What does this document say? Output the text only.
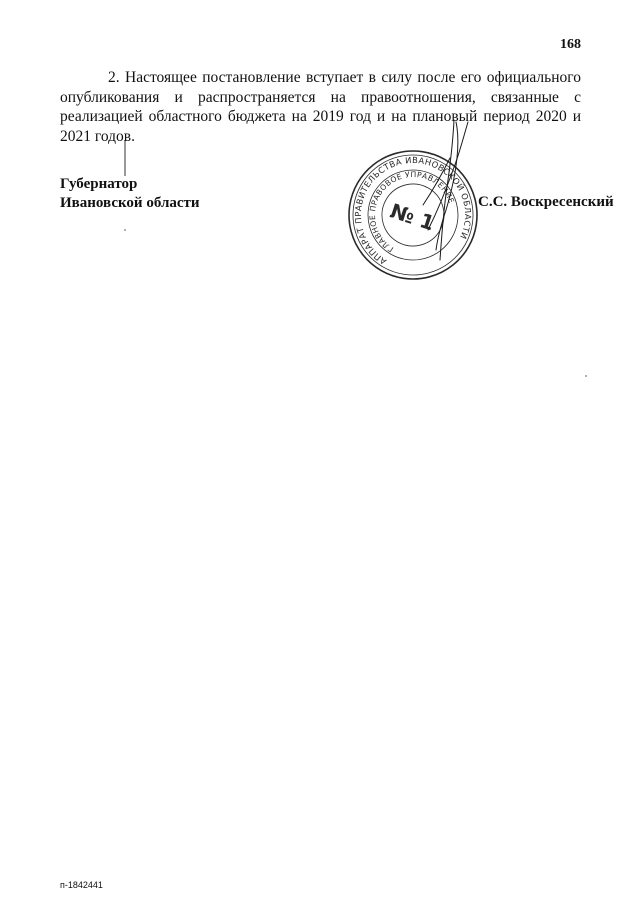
168
2. Настоящее постановление вступает в силу после его официального опубликования и распространяется на правоотношения, связанные с реализацией областного бюджета на 2019 год и на плановый период 2020 и 2021 годов.
Губернатор
Ивановской области
АППАРАТ ПРАВИТЕЛЬСТВА ИВАНОВСКОЙ ОБЛАСТИ
ГЛАВНОЕ ПРАВОВОЕ УПРАВЛЕНИЕ
№ 1	С.С. Воскресенский
п-1842441
